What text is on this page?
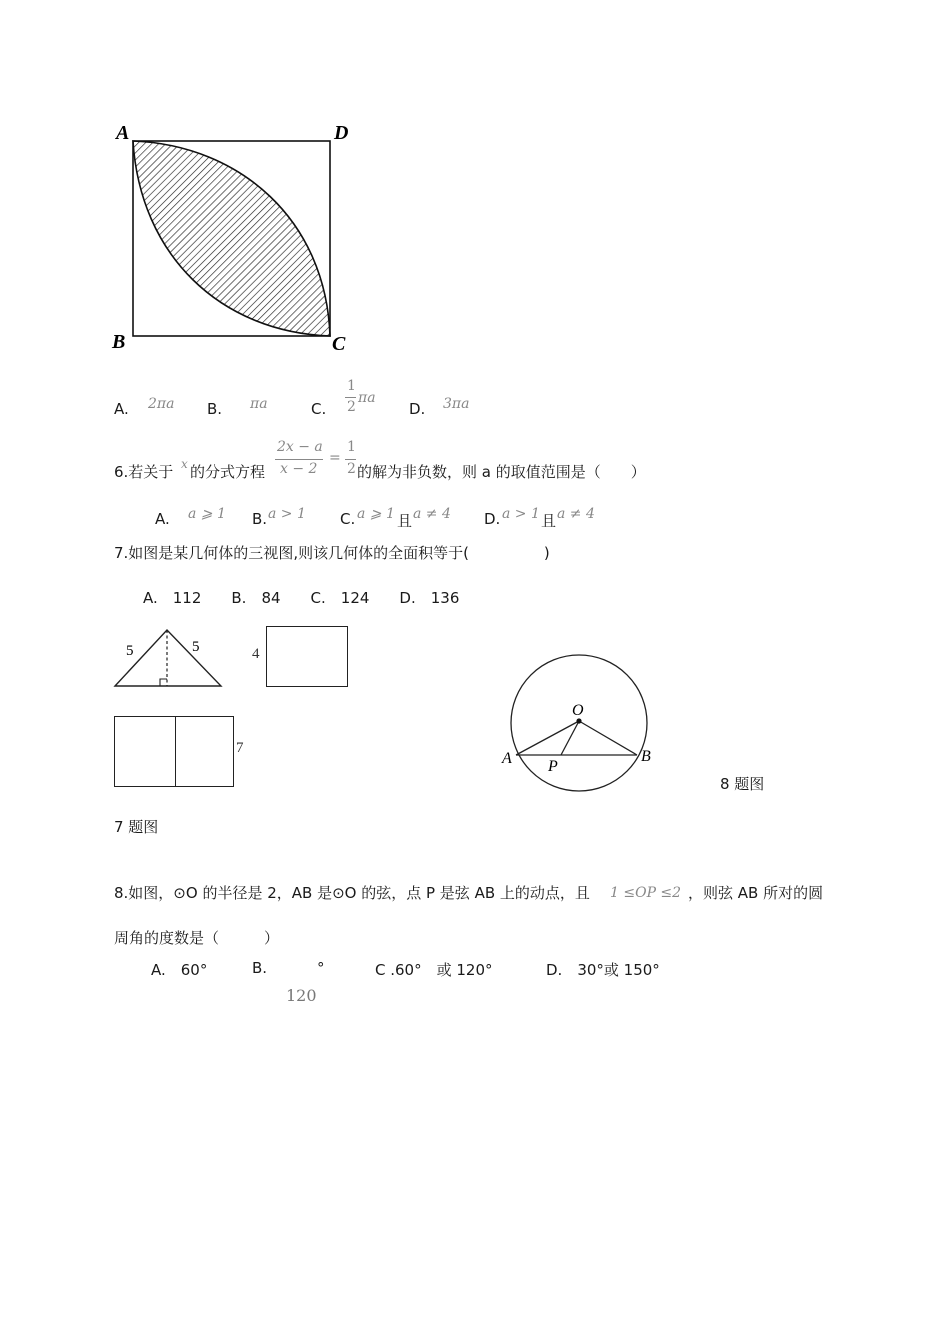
A	D
B	C
A. 2πa B. πa	C.
1
2
πa
D. 3πa
6.若关于 x 的分式方程
2x − a
x − 2
=
1
2 的解为非负数，则 a 的取值范围是（　　）
A. a ⩾ 1 B. a > 1 C. a ⩾ 1 且 a ≠ 4 D. a > 1 且 a ≠ 4
7.如图是某几何体的三视图,则该几何体的全面积等于(　　　　　)
A.　112　　B.　84　　C.　124　　D.　136
5	5	4
7
7 题图
O
A	B
P
8 题图
8.如图，⊙O 的半径是 2，AB 是⊙O 的弦，点 P 是弦 AB 上的动点，且 1 ≤OP ≤2 ，则弦 AB 所对的圆
周角的度数是（　　　）
A.　60°	B.	°	C .60°　或 120°	D.　30°或 150°
120
